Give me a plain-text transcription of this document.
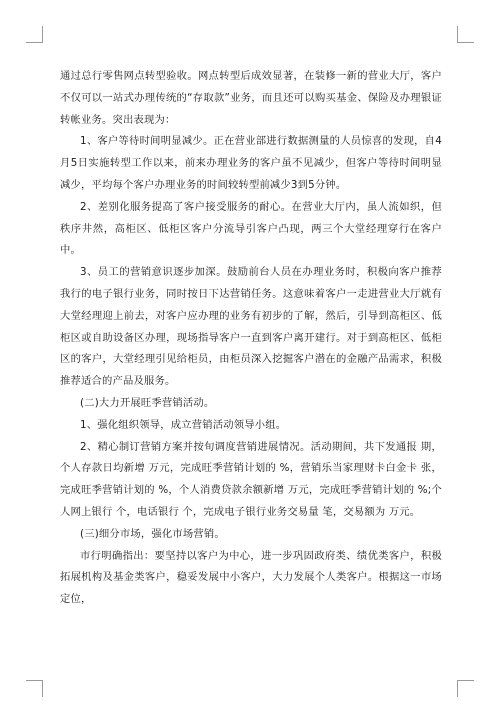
通过总行零售网点转型验收。网点转型后成效显著，在装修一新的营业大厅，客户不仅可以一站式办理传统的“存取款”业务，而且还可以购买基金、保险及办理银证转帐业务。突出表现为：

1、客户等待时间明显减少。正在营业部进行数据测量的人员惊喜的发现，自4月5日实施转型工作以来，前来办理业务的客户虽不见减少，但客户等待时间明显减少，平均每个客户办理业务的时间较转型前减少3到5分钟。

2、差别化服务提高了客户接受服务的耐心。在营业大厅内，虽人流如织，但秩序井然，高柜区、低柜区客户分流导引客户凸现，两三个大堂经理穿行在客户中。

3、员工的营销意识逐步加深。鼓励前台人员在办理业务时，积极向客户推荐我行的电子银行业务，同时按日下达营销任务。这意味着客户一走进营业大厅就有大堂经理迎上前去，对客户应办理的业务有初步的了解，然后，引导到高柜区、低柜区或自助设备区办理，现场指导客户一直到客户离开建行。对于到高柜区、低柜区的客户，大堂经理引见给柜员，由柜员深入挖掘客户潜在的金融产品需求，积极推荐适合的产品及服务。

(二)大力开展旺季营销活动。

1、强化组织领导，成立营销活动领导小组。

2、精心制订营销方案并按旬调度营销进展情况。活动期间，共下发通报 期，个人存款日均新增 万元，完成旺季营销计划的 %，营销乐当家理财卡白金卡 张，完成旺季营销计划的 %，个人消费贷款余额新增 万元，完成旺季营销计划的 %;个人网上银行 个，电话银行 个，完成电子银行业务交易量 笔，交易额为 万元。

(三)细分市场，强化市场营销。

市行明确指出：要坚持以客户为中心，进一步巩固政府类、绩优类客户，积极拓展机构及基金类客户，稳妥发展中小客户，大力发展个人类客户。根据这一市场定位，
